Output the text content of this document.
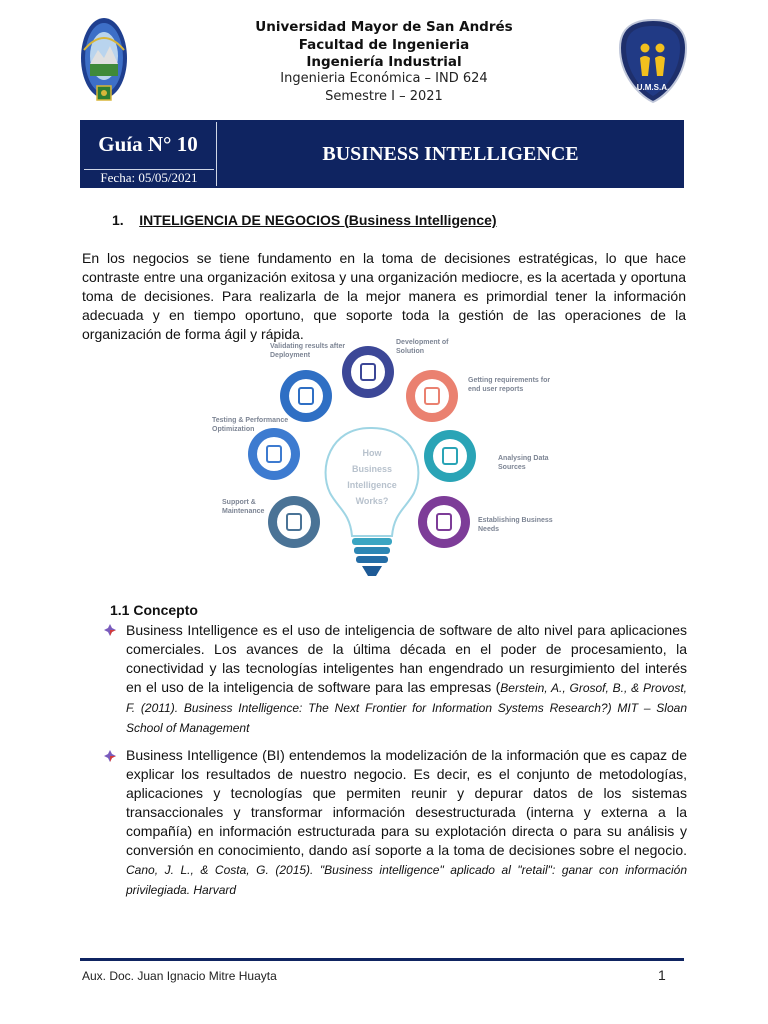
U.M.S.A.
Universidad Mayor de San Andrés
Facultad de Ingenieria
Ingeniería Industrial
Ingenieria Económica – IND 624
Semestre I – 2021
Guía N° 10
Fecha: 05/05/2021
BUSINESS INTELLIGENCE
1. INTELIGENCIA DE NEGOCIOS (Business Intelligence)
En los negocios se tiene fundamento en la toma de decisiones estratégicas, lo que hace contraste entre una organización exitosa y una organización mediocre, es la acertada y oportuna toma de decisiones. Para realizarla de la mejor manera es primordial tener la información adecuada y en tiempo oportuno, que soporte toda la gestión de las operaciones de la organización de forma ágil y rápida.
How
Business
Intelligence
Works?
Validating results after
Deployment
Development of
Solution
Getting requirements for
end user reports
Testing & Performance
Optimization
Analysing Data
Sources
Support &
Maintenance
Establishing Business
Needs
1.1 Concepto
Business Intelligence es el uso de inteligencia de software de alto nivel para aplicaciones comerciales. Los avances de la última década en el poder de procesamiento, la conectividad y las tecnologías inteligentes han engendrado un resurgimiento del interés en el uso de la inteligencia de software para las empresas (Berstein, A., Grosof, B., & Provost, F. (2011). Business Intelligence: The Next Frontier for Information Systems Research?) MIT – Sloan School of Management
Business Intelligence (BI) entendemos la modelización de la información que es capaz de explicar los resultados de nuestro negocio. Es decir, es el conjunto de metodologías, aplicaciones y tecnologías que permiten reunir y depurar datos de los sistemas transaccionales y transformar información desestructurada (interna y externa a la compañía) en información estructurada para su explotación directa o para su análisis y conversión en conocimiento, dando así soporte a la toma de decisiones sobre el negocio. Cano, J. L., & Costa, G. (2015). "Business intelligence" aplicado al "retail": ganar con información privilegiada. Harvard
Aux. Doc. Juan Ignacio Mitre Huayta	1
